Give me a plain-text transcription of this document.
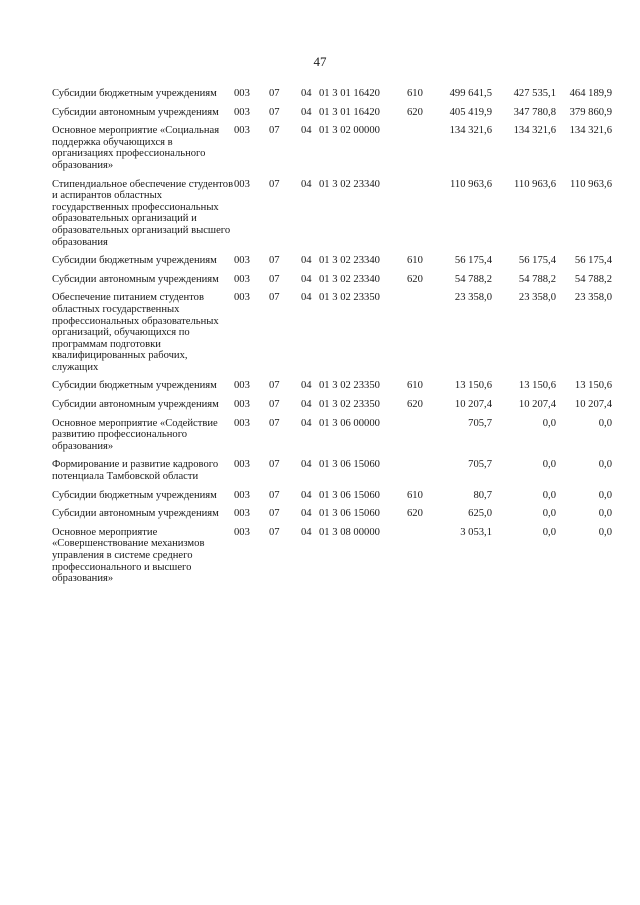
47
Субсидии бюджетным учреждениям	003	07	04	01 3 01 16420	610	499 641,5	427 535,1	464 189,9
Субсидии автономным учреждениям	003	07	04	01 3 01 16420	620	405 419,9	347 780,8	379 860,9
Основное мероприятие «Социальная поддержка обучающихся в организациях профессионального образования»	003	07	04	01 3 02 00000		134 321,6	134 321,6	134 321,6
Стипендиальное обеспечение студентов и аспирантов областных государственных профессиональных образовательных организаций и образовательных организаций высшего образования	003	07	04	01 3 02 23340		110 963,6	110 963,6	110 963,6
Субсидии бюджетным учреждениям	003	07	04	01 3 02 23340	610	56 175,4	56 175,4	56 175,4
Субсидии автономным учреждениям	003	07	04	01 3 02 23340	620	54 788,2	54 788,2	54 788,2
Обеспечение питанием студентов областных государственных профессиональных образовательных организаций, обучающихся по программам подготовки квалифицированных рабочих, служащих	003	07	04	01 3 02 23350		23 358,0	23 358,0	23 358,0
Субсидии бюджетным учреждениям	003	07	04	01 3 02 23350	610	13 150,6	13 150,6	13 150,6
Субсидии автономным учреждениям	003	07	04	01 3 02 23350	620	10 207,4	10 207,4	10 207,4
Основное мероприятие «Содействие развитию профессионального образования»	003	07	04	01 3 06 00000		705,7	0,0	0,0
Формирование и развитие кадрового потенциала Тамбовской области	003	07	04	01 3 06 15060		705,7	0,0	0,0
Субсидии бюджетным учреждениям	003	07	04	01 3 06 15060	610	80,7	0,0	0,0
Субсидии автономным учреждениям	003	07	04	01 3 06 15060	620	625,0	0,0	0,0
Основное мероприятие «Совершенствование механизмов управления в системе среднего профессионального и высшего образования»	003	07	04	01 3 08 00000		3 053,1	0,0	0,0
